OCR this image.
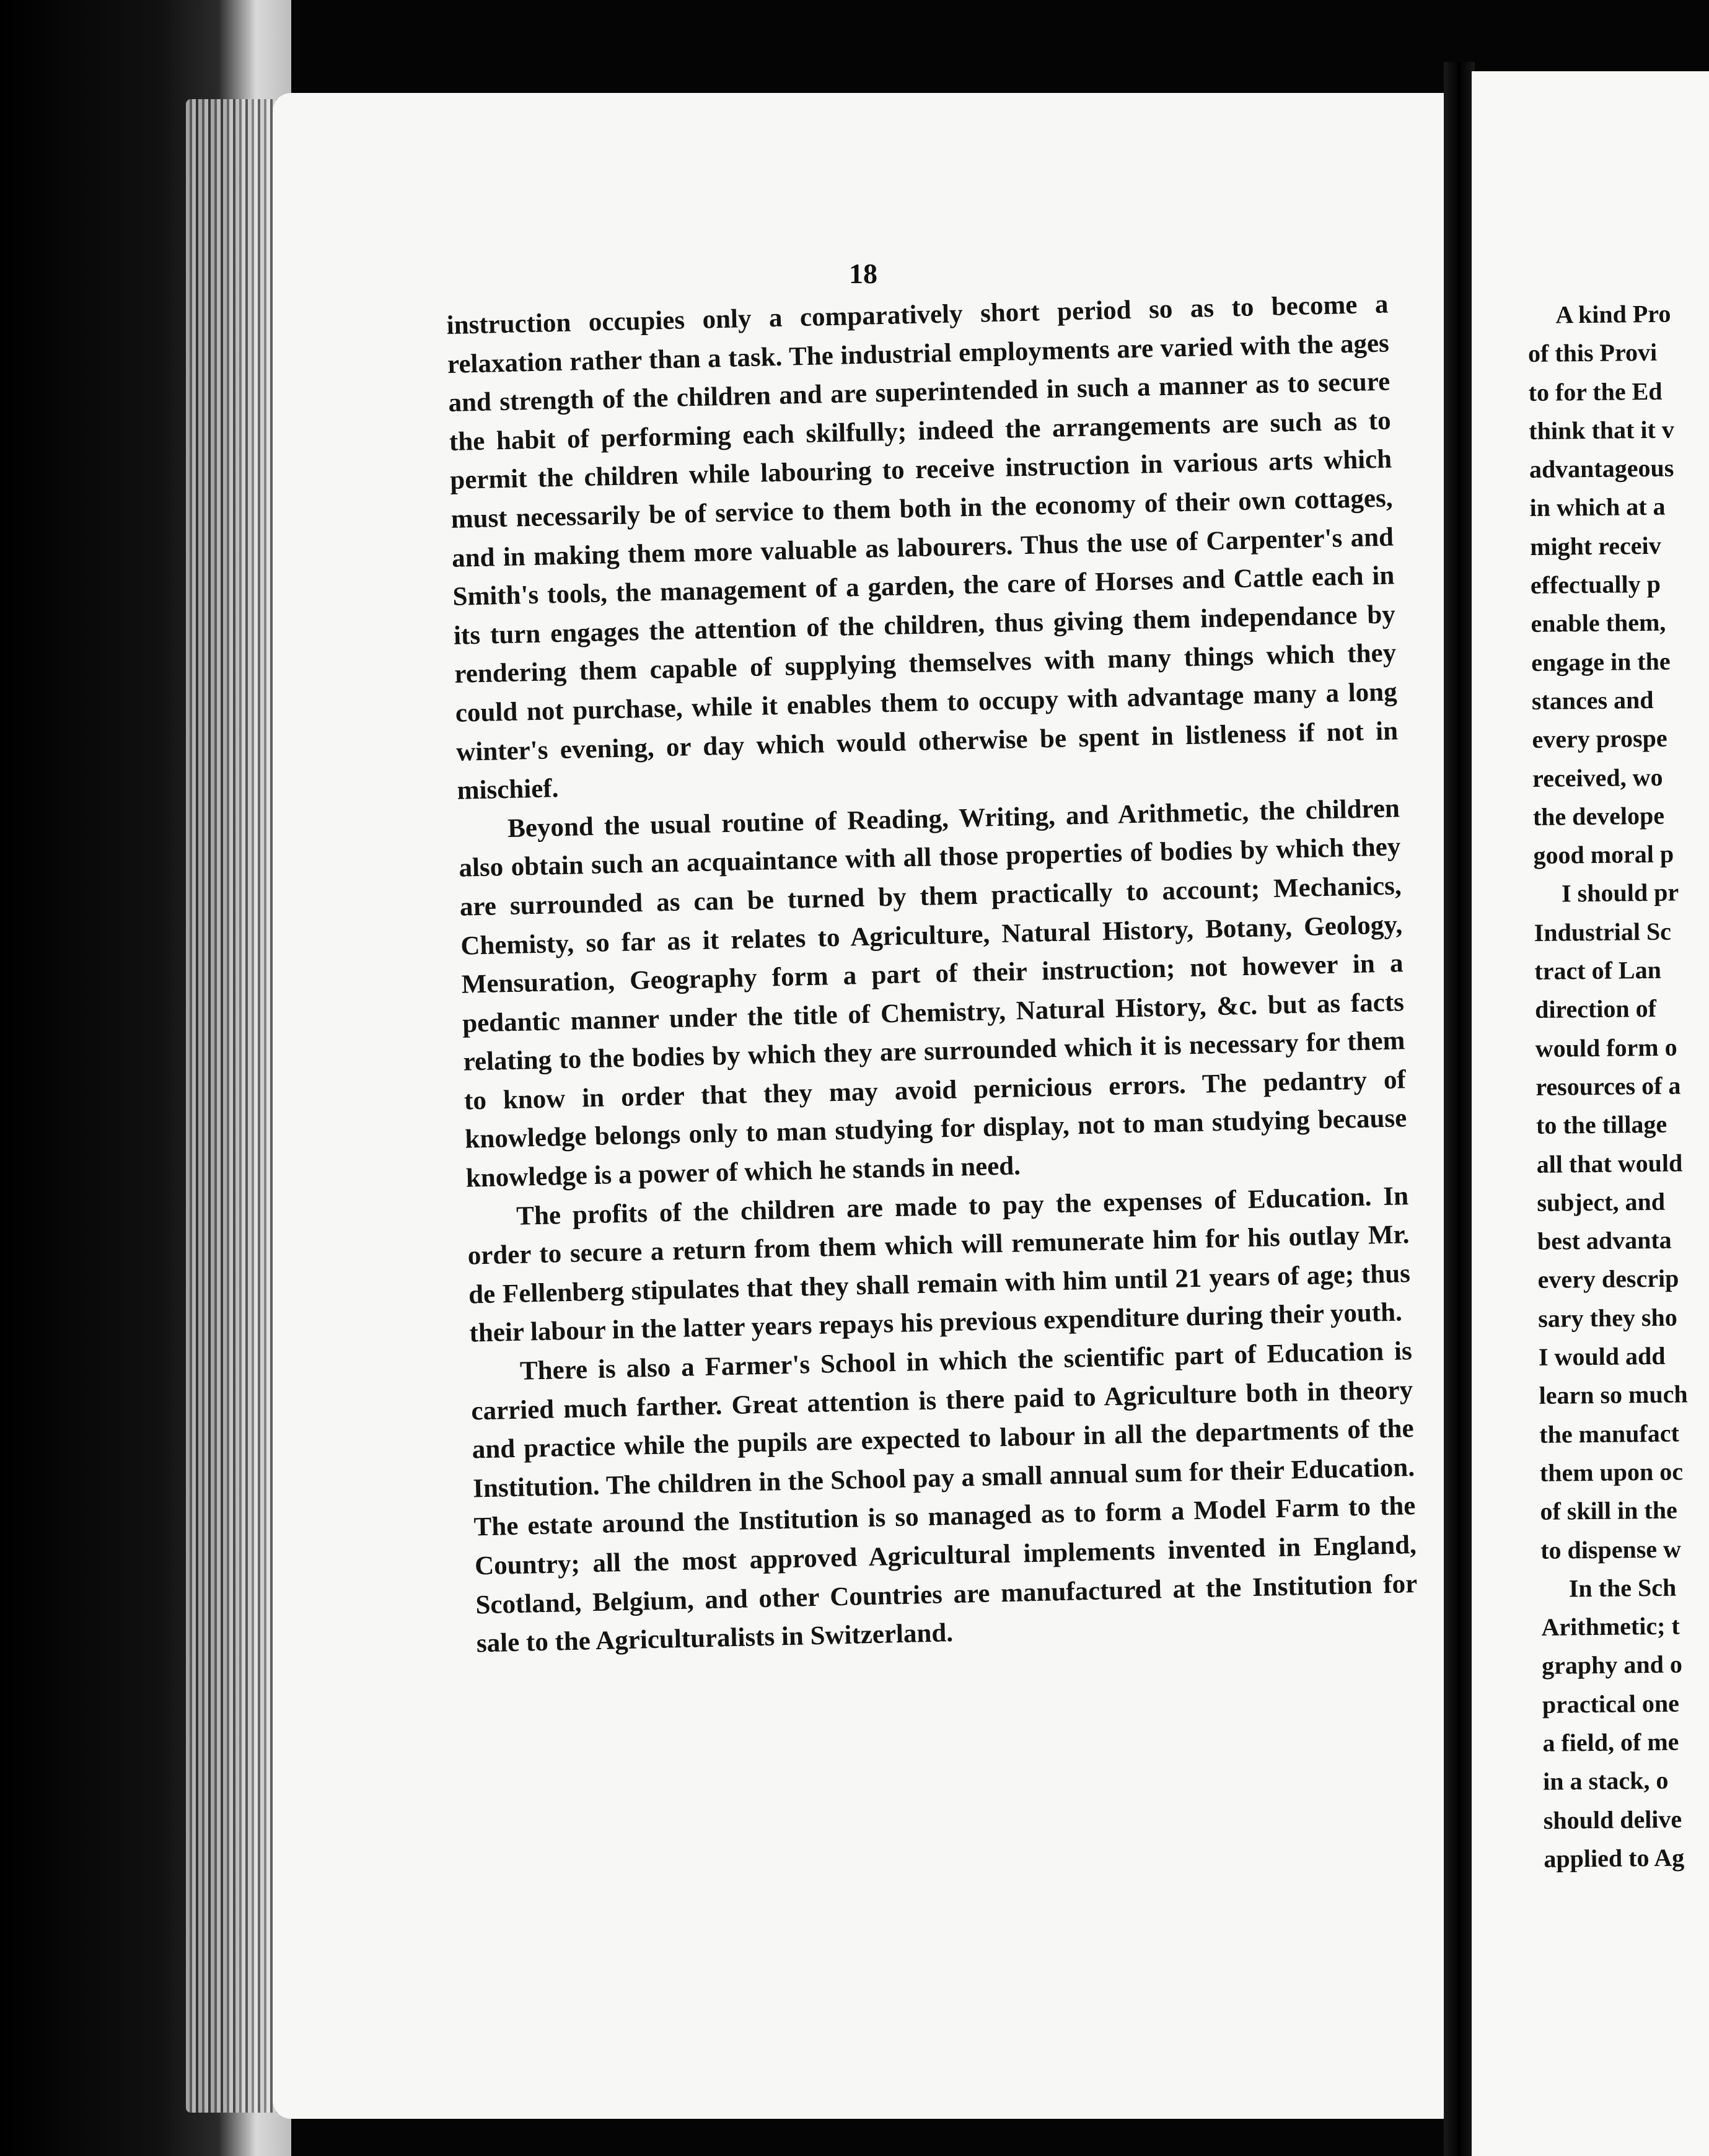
18

instruction occupies only a comparatively short period so as to become a relaxation rather than a task. The industrial employments are varied with the ages and strength of the children and are superintended in such a manner as to secure the habit of performing each skilfully; indeed the arrangements are such as to permit the children while labouring to receive instruction in various arts which must necessarily be of service to them both in the economy of their own cottages, and in making them more valuable as labourers. Thus the use of Carpenter's and Smith's tools, the management of a garden, the care of Horses and Cattle each in its turn engages the attention of the children, thus giving them independance by rendering them capable of supplying themselves with many things which they could not purchase, while it enables them to occupy with advantage many a long winter's evening, or day which would otherwise be spent in listleness if not in mischief.

Beyond the usual routine of Reading, Writing, and Arithmetic, the children also obtain such an acquaintance with all those properties of bodies by which they are surrounded as can be turned by them practically to account; Mechanics, Chemisty, so far as it relates to Agriculture, Natural History, Botany, Geology, Mensuration, Geography form a part of their instruction; not however in a pedantic manner under the title of Chemistry, Natural History, &c. but as facts relating to the bodies by which they are surrounded which it is necessary for them to know in order that they may avoid pernicious errors. The pedantry of knowledge belongs only to man studying for display, not to man studying because knowledge is a power of which he stands in need.

The profits of the children are made to pay the expenses of Education. In order to secure a return from them which will remunerate him for his outlay Mr. de Fellenberg stipulates that they shall remain with him until 21 years of age; thus their labour in the latter years repays his previous expenditure during their youth.

There is also a Farmer's School in which the scientific part of Education is carried much farther. Great attention is there paid to Agriculture both in theory and practice while the pupils are expected to labour in all the departments of the Institution. The children in the School pay a small annual sum for their Education. The estate around the Institution is so managed as to form a Model Farm to the Country; all the most approved Agricultural implements invented in England, Scotland, Belgium, and other Countries are manufactured at the Institution for sale to the Agriculturalists in Switzerland.

A kind Pro
of this Provi
to for the Ed
think that it v
advantageous
in which at a
might receiv
effectually p
enable them,
engage in the
stances and
every prospe
received, wo
the develope
good moral p
I should pr
Industrial Sc
tract of Lan
direction of
would form o
resources of a
to the tillage
all that would
subject, and
best advanta
every descrip
sary they sho
I would add
learn so much
the manufact
them upon oc
of skill in the
to dispense w
In the Sch
Arithmetic; t
graphy and o
practical one
a field, of me
in a stack, o
should delive
applied to Ag
